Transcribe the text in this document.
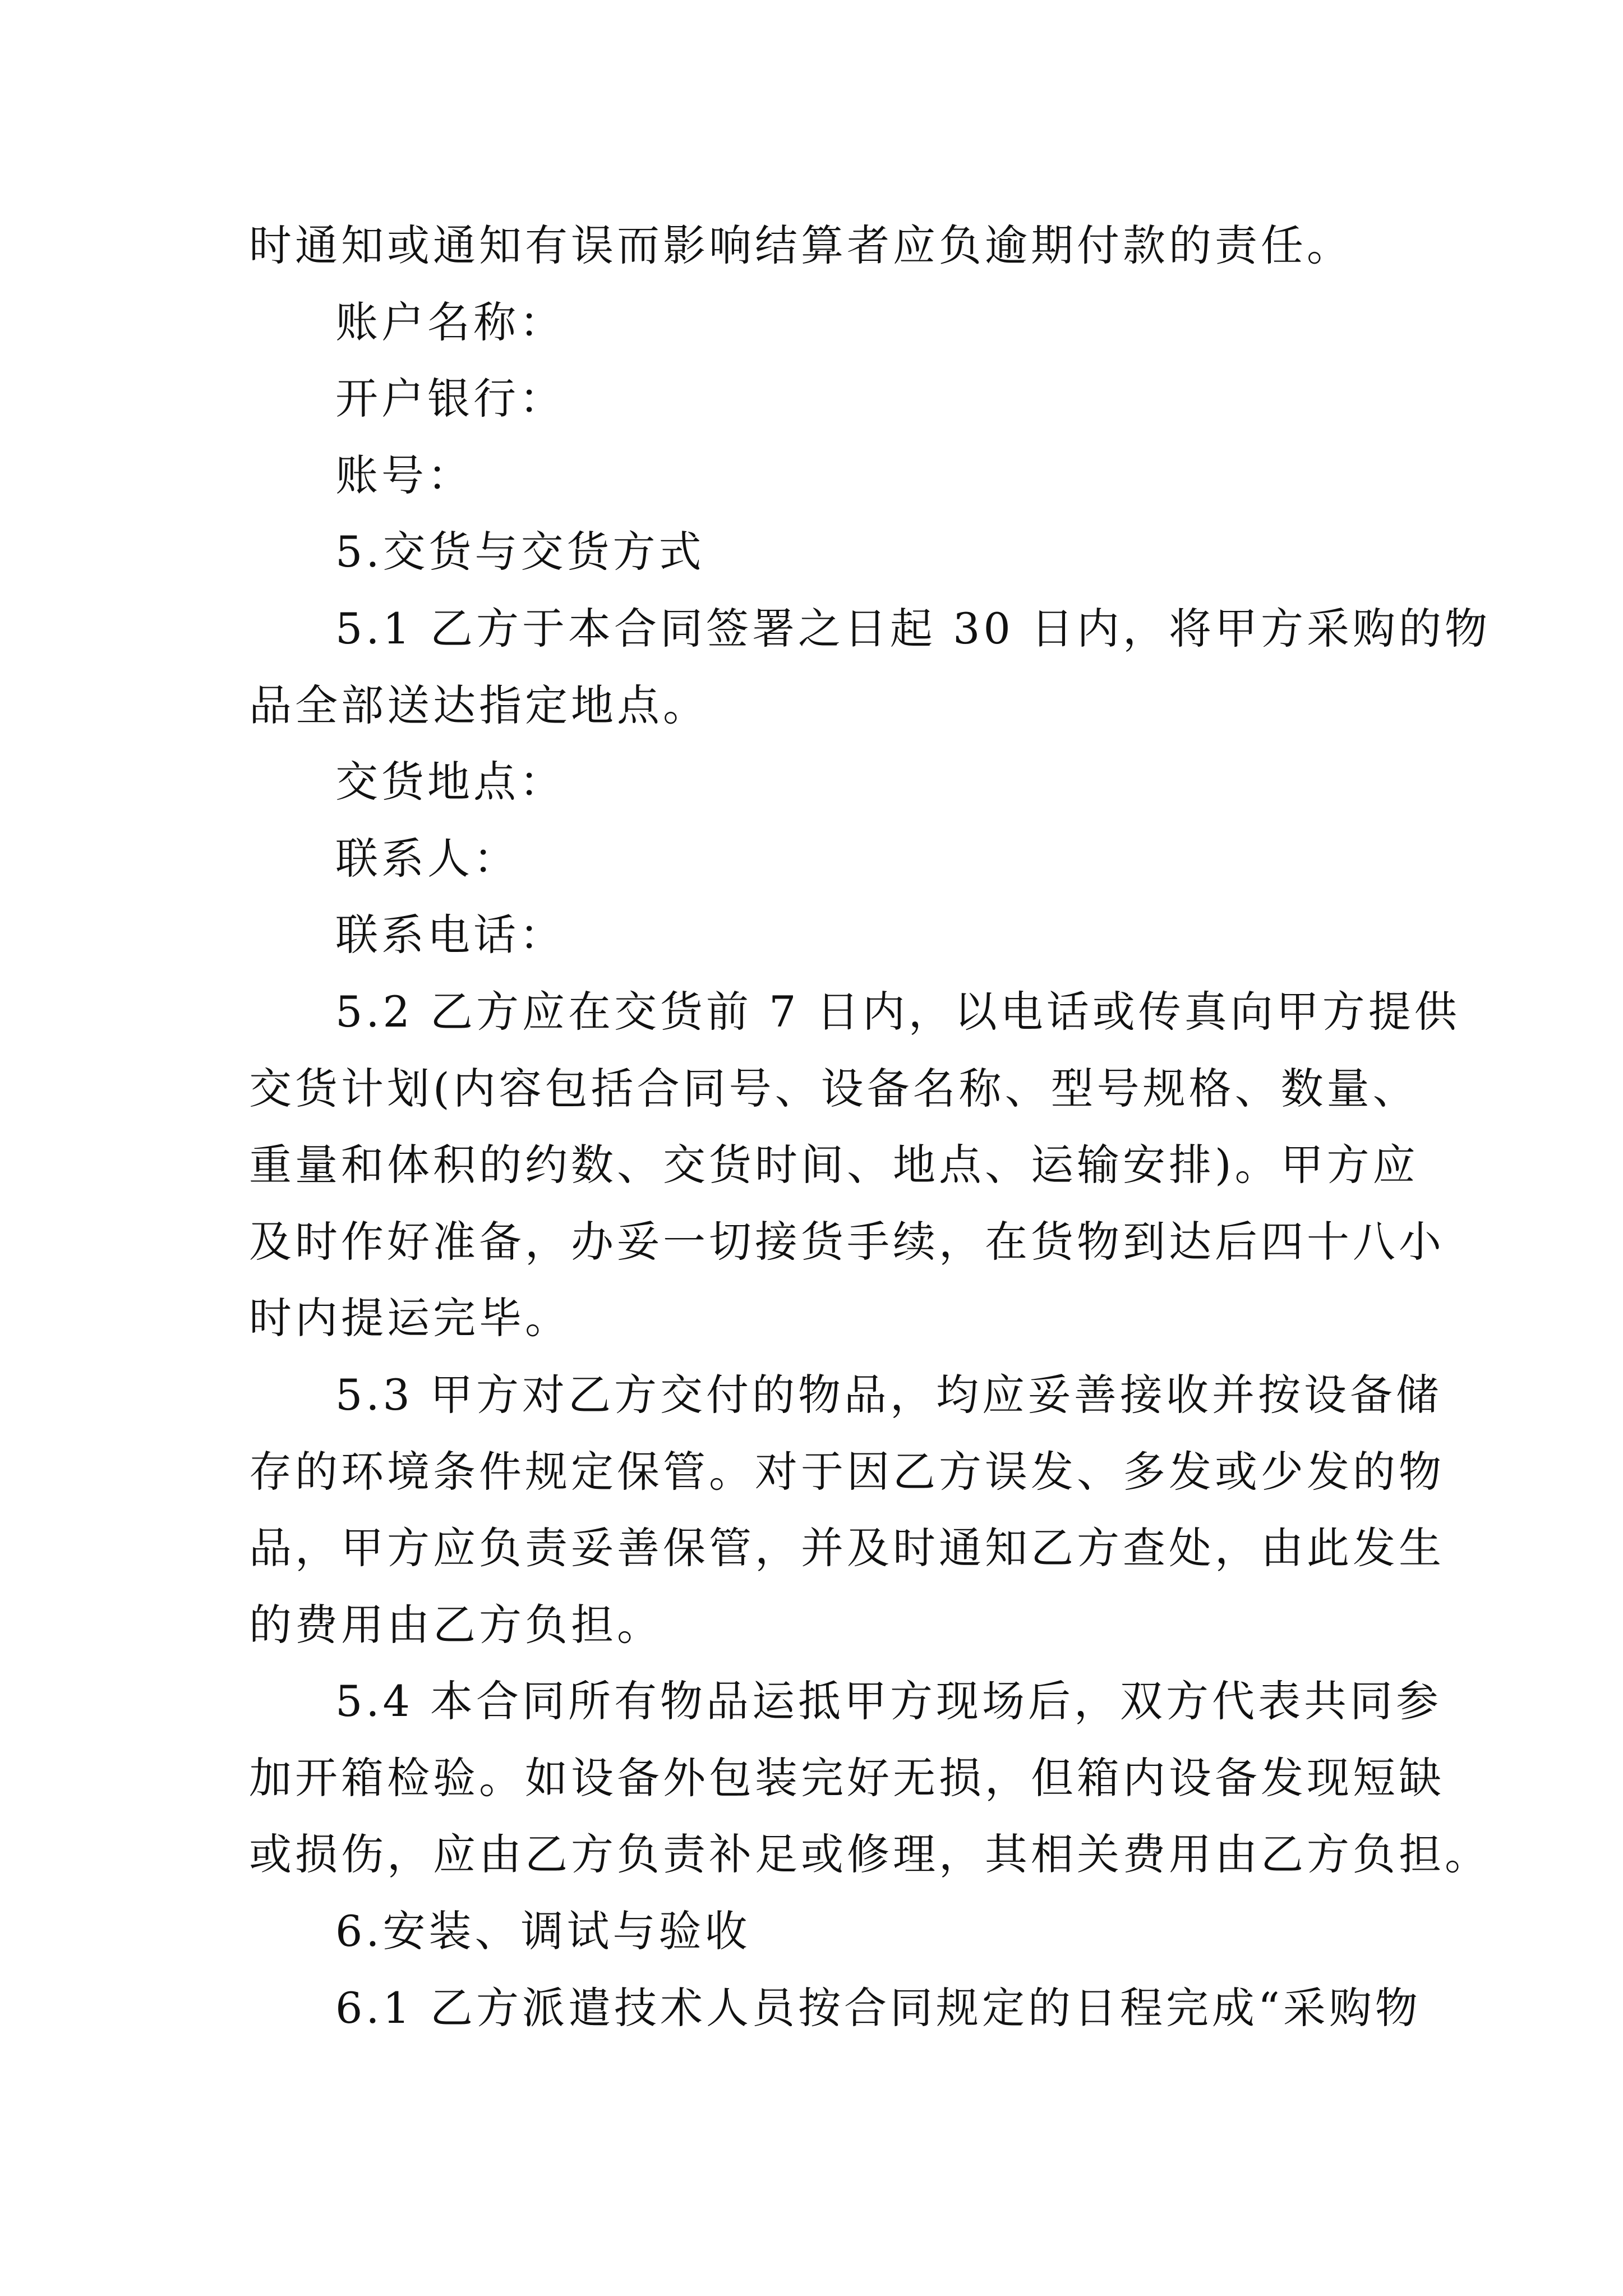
时通知或通知有误而影响结算者应负逾期付款的责任。
账户名称：
开户银行：
账号：
5.交货与交货方式
5.1 乙方于本合同签署之日起 30 日内，将甲方采购的物
品全部送达指定地点。
交货地点：
联系人：
联系电话：
5.2 乙方应在交货前 7 日内，以电话或传真向甲方提供
交货计划(内容包括合同号、设备名称、型号规格、数量、
重量和体积的约数、交货时间、地点、运输安排)。甲方应
及时作好准备，办妥一切接货手续，在货物到达后四十八小
时内提运完毕。
5.3 甲方对乙方交付的物品，均应妥善接收并按设备储
存的环境条件规定保管。对于因乙方误发、多发或少发的物
品，甲方应负责妥善保管，并及时通知乙方查处，由此发生
的费用由乙方负担。
5.4 本合同所有物品运抵甲方现场后，双方代表共同参
加开箱检验。如设备外包装完好无损，但箱内设备发现短缺
或损伤，应由乙方负责补足或修理，其相关费用由乙方负担。
6.安装、调试与验收
6.1 乙方派遣技术人员按合同规定的日程完成“采购物
